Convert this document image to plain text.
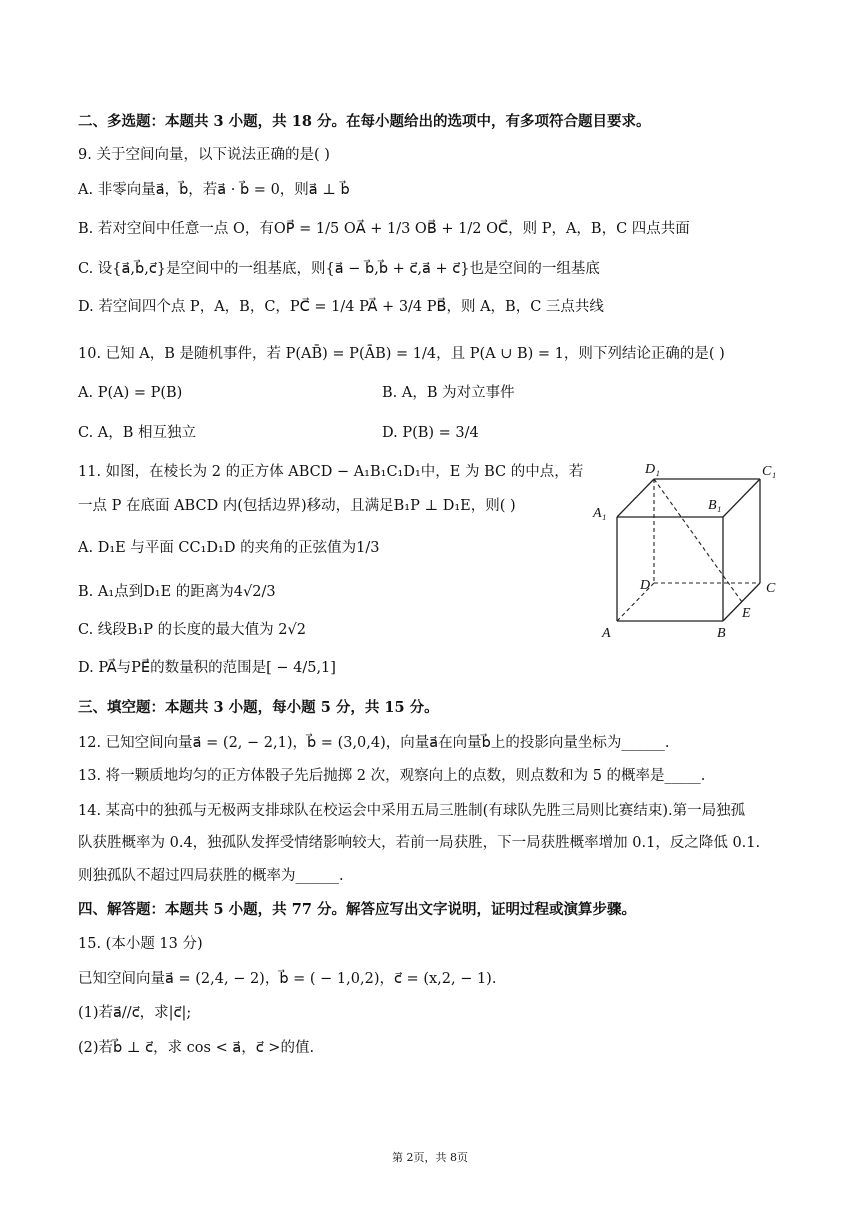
二、多选题：本题共 3 小题，共 18 分。在每小题给出的选项中，有多项符合题目要求。
9. 关于空间向量，以下说法正确的是( )
A. 非零向量a⃗，b⃗，若a⃗ · b⃗ = 0，则a⃗ ⊥ b⃗
B. 若对空间中任意一点 O，有OP⃗ = 1/5 OA⃗ + 1/3 OB⃗ + 1/2 OC⃗，则 P，A，B，C 四点共面
C. 设{a⃗,b⃗,c⃗}是空间中的一组基底，则{a⃗ − b⃗,b⃗ + c⃗,a⃗ + c⃗}也是空间的一组基底
D. 若空间四个点 P，A，B，C，PC⃗ = 1/4 PA⃗ + 3/4 PB⃗，则 A，B，C 三点共线
10. 已知 A，B 是随机事件，若 P(AB̄) = P(ĀB) = 1/4，且 P(A ∪ B) = 1，则下列结论正确的是( )
A. P(A) = P(B)	B. A，B 为对立事件
C. A，B 相互独立	D. P(B) = 3/4
11. 如图，在棱长为 2 的正方体 ABCD − A₁B₁C₁D₁中，E 为 BC 的中点，若
一点 P 在底面 ABCD 内(包括边界)移动，且满足B₁P ⊥ D₁E，则( )
A. D₁E 与平面 CC₁D₁D 的夹角的正弦值为1/3
B. A₁点到D₁E 的距离为4√2/3
C. 线段B₁P 的长度的最大值为 2√2
D. PA⃗与PE⃗的数量积的范围是[ − 4/5,1]
D₁	C₁
A₁
B₁
D	C
E
A	B
三、填空题：本题共 3 小题，每小题 5 分，共 15 分。
12. 已知空间向量a⃗ = (2, − 2,1)，b⃗ = (3,0,4)，向量a⃗在向量b⃗上的投影向量坐标为______.
13. 将一颗质地均匀的正方体骰子先后抛掷 2 次，观察向上的点数，则点数和为 5 的概率是_____.
14. 某高中的独孤与无极两支排球队在校运会中采用五局三胜制(有球队先胜三局则比赛结束).第一局独孤
队获胜概率为 0.4，独孤队发挥受情绪影响较大，若前一局获胜，下一局获胜概率增加 0.1，反之降低 0.1.
则独孤队不超过四局获胜的概率为______.
四、解答题：本题共 5 小题，共 77 分。解答应写出文字说明，证明过程或演算步骤。
15. (本小题 13 分)
已知空间向量a⃗ = (2,4, − 2)，b⃗ = ( − 1,0,2)，c⃗ = (x,2, − 1).
(1)若a⃗//c⃗，求|c⃗|;
(2)若b⃗ ⊥ c⃗，求 cos < a⃗，c⃗ >的值.
第 2页，共 8页
